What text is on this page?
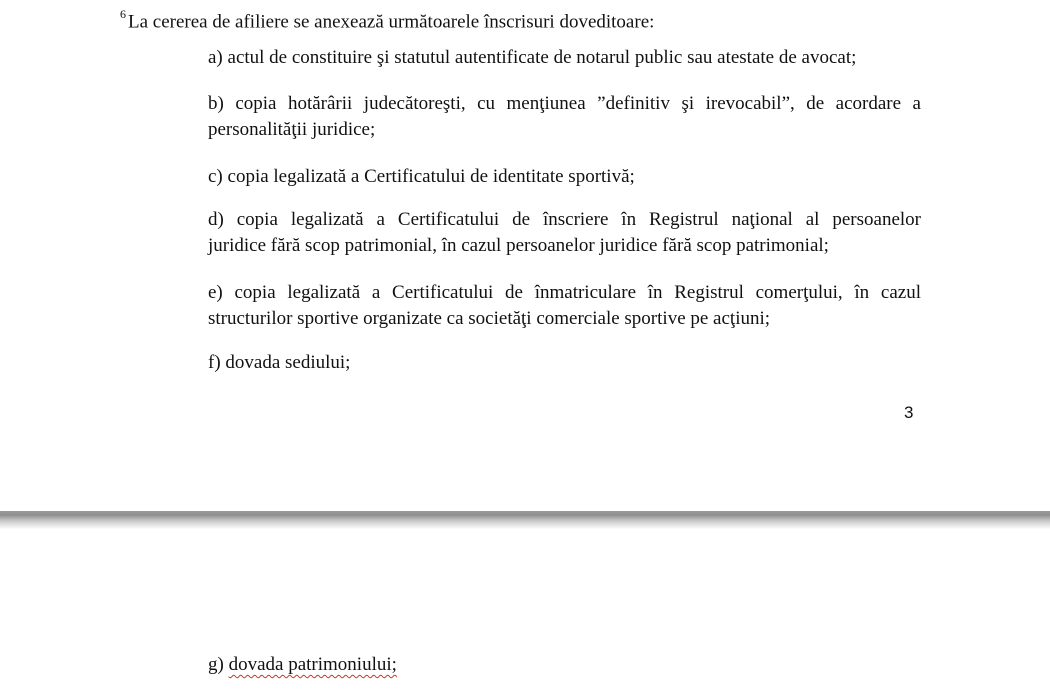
$^6$ La cererea de afiliere se anexează următoarele înscrisuri doveditoare:
a) actul de constituire şi statutul autentificate de notarul public sau atestate de avocat;
b) copia hotărârii judecătoreşti, cu menţiunea ”definitiv şi irevocabil”, de acordare a
personalităţii juridice;
c) copia legalizată a Certificatului de identitate sportivă;
d) copia legalizată a Certificatului de înscriere în Registrul naţional al persoanelor
juridice fără scop patrimonial, în cazul persoanelor juridice fără scop patrimonial;
e) copia legalizată a Certificatului de înmatriculare în Registrul comerţului, în cazul
structurilor sportive organizate ca societăţi comerciale sportive pe acţiuni;
f) dovada sediului;
3
g) dovada patrimoniului;
